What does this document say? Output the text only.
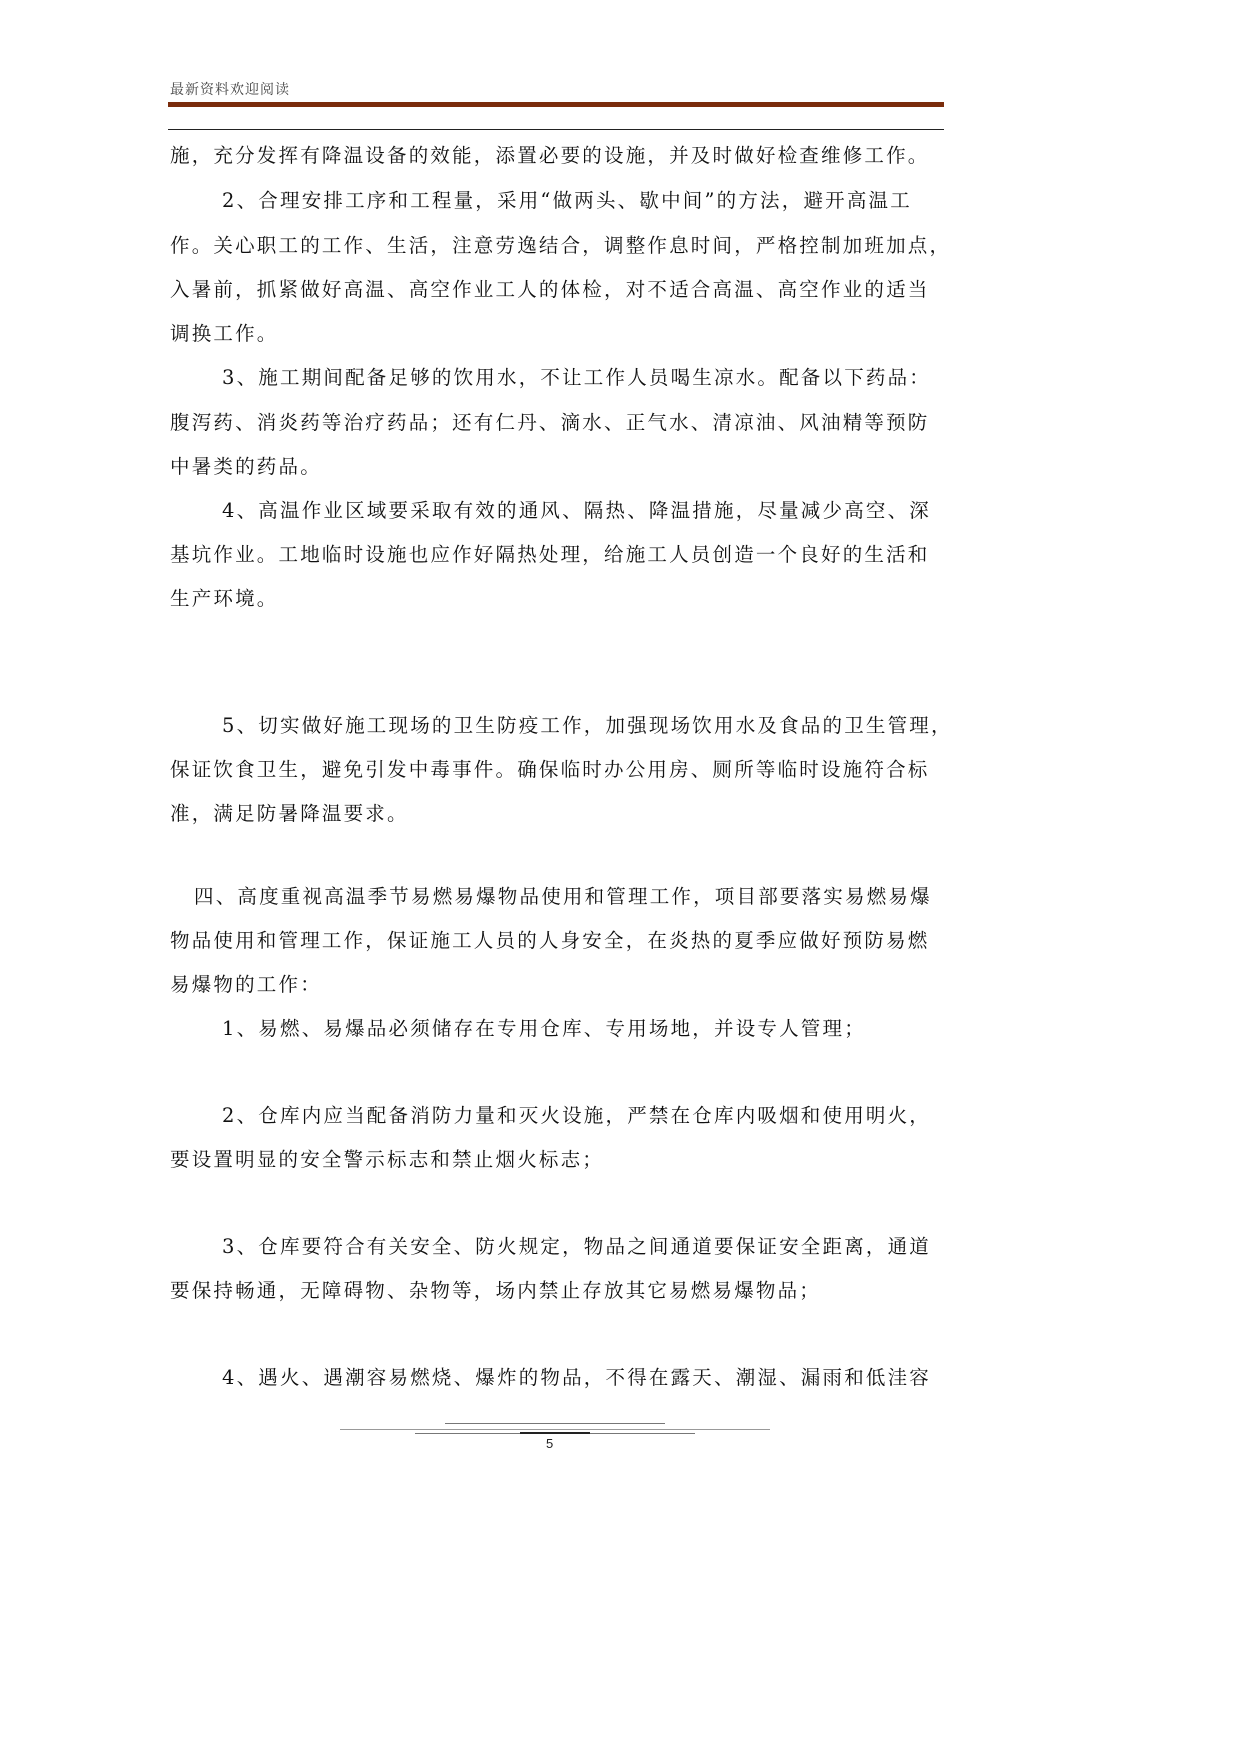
最新资料欢迎阅读
施，充分发挥有降温设备的效能，添置必要的设施，并及时做好检查维修工作。
2、合理安排工序和工程量，采用“做两头、歇中间”的方法，避开高温工
作。关心职工的工作、生活，注意劳逸结合，调整作息时间，严格控制加班加点，
入暑前，抓紧做好高温、高空作业工人的体检，对不适合高温、高空作业的适当
调换工作。
3、施工期间配备足够的饮用水，不让工作人员喝生凉水。配备以下药品：
腹泻药、消炎药等治疗药品；还有仁丹、滴水、正气水、清凉油、风油精等预防
中暑类的药品。
4、高温作业区域要采取有效的通风、隔热、降温措施，尽量减少高空、深
基坑作业。工地临时设施也应作好隔热处理，给施工人员创造一个良好的生活和
生产环境。
5、切实做好施工现场的卫生防疫工作，加强现场饮用水及食品的卫生管理，
保证饮食卫生，避免引发中毒事件。确保临时办公用房、厕所等临时设施符合标
准，满足防暑降温要求。
四、高度重视高温季节易燃易爆物品使用和管理工作，项目部要落实易燃易爆
物品使用和管理工作，保证施工人员的人身安全，在炎热的夏季应做好预防易燃
易爆物的工作：
1、易燃、易爆品必须储存在专用仓库、专用场地，并设专人管理；
2、仓库内应当配备消防力量和灭火设施，严禁在仓库内吸烟和使用明火，
要设置明显的安全警示标志和禁止烟火标志；
3、仓库要符合有关安全、防火规定，物品之间通道要保证安全距离，通道
要保持畅通，无障碍物、杂物等，场内禁止存放其它易燃易爆物品；
4、遇火、遇潮容易燃烧、爆炸的物品，不得在露天、潮湿、漏雨和低洼容
5
